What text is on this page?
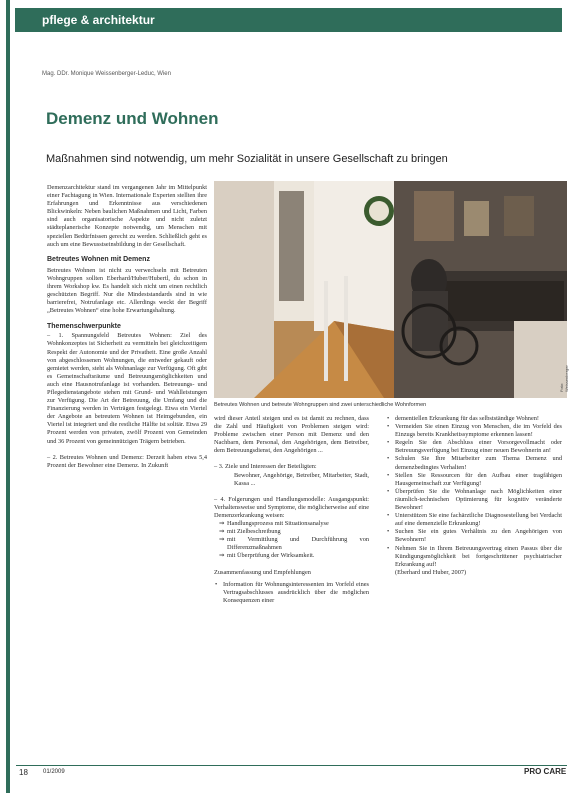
pflege & architektur
Mag. DDr. Monique Weissenberger-Leduc, Wien
Demenz und Wohnen
Maßnahmen sind notwendig, um mehr Sozialität in unsere Gesellschaft zu bringen

Demenzarchitektur stand im vergangenen Jahr im Mittelpunkt einer Fachtagung in Wien. Internationale Experten stellten ihre Erfahrungen und Erkenntnisse aus verschiedenen Blickwinkeln: Neben baulichen Maßnahmen und Licht, Farben sind auch organisatorische Aspekte und nicht zuletzt städteplanerische Konzepte notwendig, um Menschen mit speziellen Bedürfnissen gerecht zu werden. Schließlich geht es auch um eine Bewusstseinsbildung in der Gesellschaft.

Betreutes Wohnen mit Demenz

Betreutes Wohnen ist nicht zu verwechseln mit Betreuten Wohngruppen sollten Eberhard/Huber/Hubertl, du schon in ihrem Workshop kw. Es handelt sich nicht um einen rechtlich geschützten Begriff. Nur die Mindeststandards sind in wie barrierefrei, Notrufanlage etc. Allerdings weckt der Begriff „Betreutes Wohnen“ eine hohe Erwartungshaltung.

Themenschwerpunkte

– 1. Spannungsfeld Betreutes Wohnen: Ziel des Wohnkonzeptes ist Sicherheit zu vermitteln bei gleichzeitigem Respekt der Autonomie und der Privatheit. Eine große Anzahl von abgeschlossenen Wohnungen, die entweder gekauft oder gemietet werden, steht als Wohnanlage zur Verfügung. Oft gibt es Gemeinschaftsräume und Betreuungsmöglichkeiten und auch eine Hausnotrufanlage ist vorhanden. Betreuungs- und Pflegedienstangebote stehen mit Grund- und Wahlleistungen zur Verfügung. Die Art der Betreuung, die Umfang und die Finanzierung werden in Verträgen festgelegt. Etwa ein Viertel der Angebote an betreutem Wohnen ist Heimgebunden, ein Viertel ist integriert und die restliche Hälfte ist solitär. Etwa 29 Prozent werden von privaten, zwölf Prozent von Gemeinden und 36 Prozent von gemeinnützigen Trägern betrieben.

– 2. Betreutes Wohnen und Demenz: Derzeit haben etwa 5,4 Prozent der Bewohner eine Demenz. In Zukunft

Foto: Weissenberger
Betreutes Wohnen und betreute Wohngruppen sind zwei unterschiedliche Wohnformen

wird dieser Anteil steigen und es ist damit zu rechnen, dass die Zahl und Häufigkeit von Problemen steigen wird: Probleme zwischen einer Person mit Demenz und den Nachbarn, dem Personal, den Angehörigen, dem Betreiber, dem Betreuungsdienst, den Angehörigen ...

– 3. Ziele und Interessen der Beteiligten:

Bewohner, Angehörige, Betreiber, Mitarbeiter, Stadt, Kassa ...

– 4. Folgerungen und Handlungsmodelle: Ausgangspunkt: Verhaltensweise und Symptome, die möglicherweise auf eine Demenzerkrankung weisen:

⇒ Handlungsprozess mit Situationsanalyse
⇒ mit Zielbeschreibung
⇒ mit Vermittlung und Durchführung von Differenzmaßnahmen
⇒ mit Überprüfung der Wirksamkeit.

Zusammenfassung und Empfehlungen

• Information für Wohnungsinteressenten im Vorfeld eines Vertragsabschlusses ausdrücklich über die möglichen Konsequenzen einer
• dementiellen Erkrankung für das selbstständige Wohnen!
• Vermeiden Sie einen Einzug von Menschen, die im Vorfeld des Einzugs bereits Krankheitssymptome erkennen lassen!
• Regeln Sie den Abschluss einer Vorsorgevollmacht oder Betreuungsverfügung bei Einzug einer neuen Bewohnerin an!
• Schulen Sie Ihre Mitarbeiter zum Thema Demenz und demenzbedingtes Verhalten!
• Stellen Sie Ressourcen für den Aufbau einer tragfähigen Hausgemeinschaft zur Verfügung!
• Überprüfen Sie die Wohnanlage nach Möglichkeiten einer räumlich-technischen Optimierung für kognitiv veränderte Bewohner!
• Unterstützen Sie eine fachärztliche Diagnosestellung bei Verdacht auf eine demenzielle Erkrankung!
• Suchen Sie ein gutes Verhältnis zu den Angehörigen von Bewohnern!
• Nehmen Sie in Ihrem Betreuungsvertrag einen Passus über die Kündigungsmöglichkeit bei fortgeschrittener psychiatrischer Erkrankung auf!

(Eberhard und Huber, 2007)

18	01/2009	PRO CARE
